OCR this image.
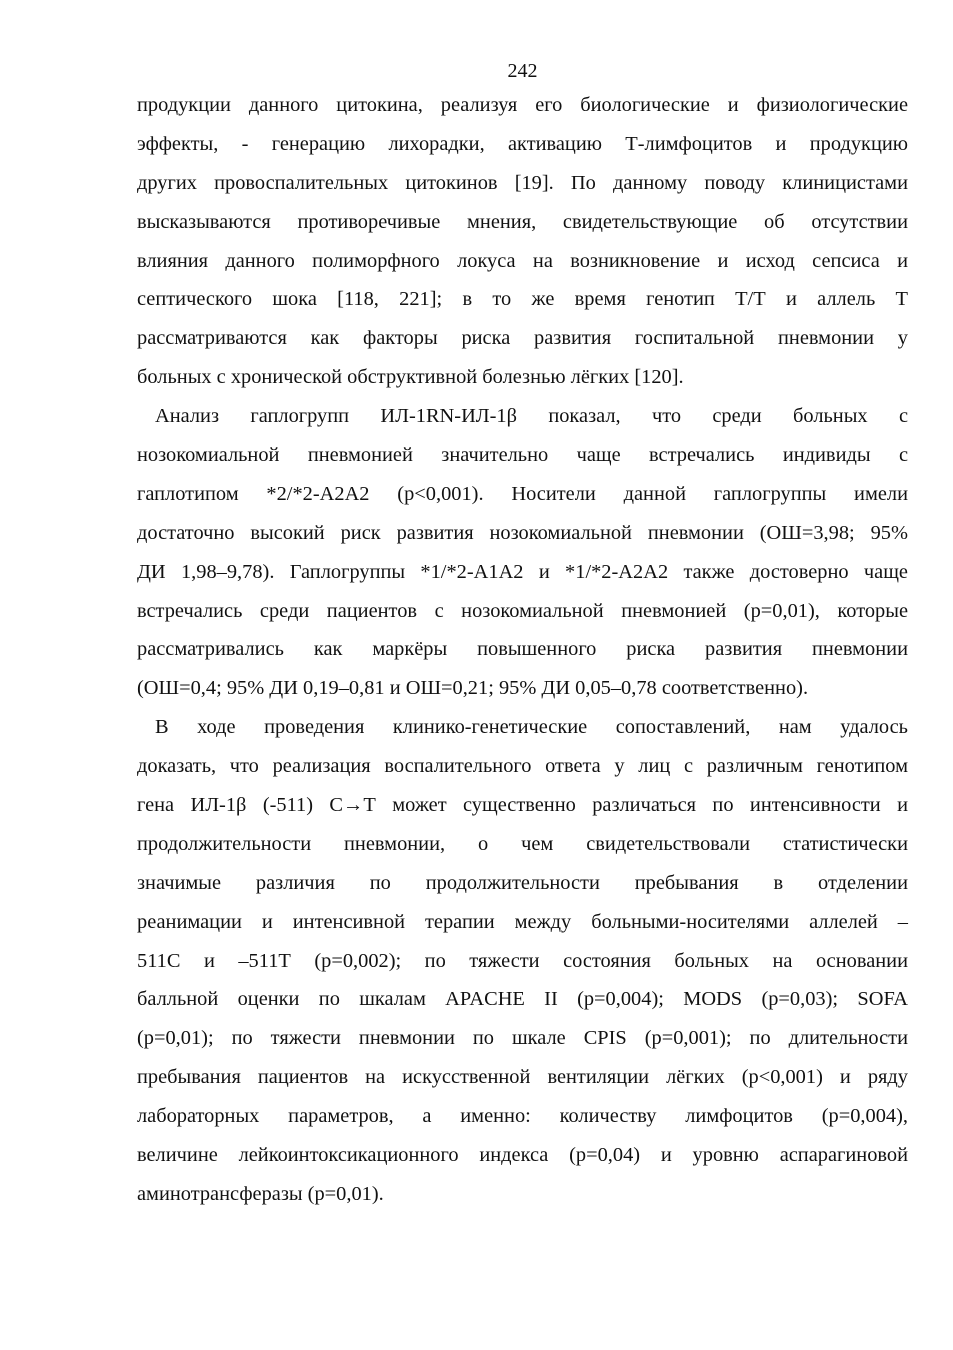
242

продукции данного цитокина, реализуя его биологические и физиологические
эффекты, - генерацию лихорадки, активацию Т-лимфоцитов и продукцию
других провоспалительных цитокинов [19]. По данному поводу клиницистами
высказываются противоречивые мнения, свидетельствующие об отсутствии
влияния данного полиморфного локуса на возникновение и исход сепсиса и
септического шока [118, 221]; в то же время генотип Т/Т и аллель Т
рассматриваются как факторы риска развития госпитальной пневмонии у
больных с хронической обструктивной болезнью лёгких [120].

Анализ гаплогрупп ИЛ-1RN-ИЛ-1β показал, что среди больных с
нозокомиальной пневмонией значительно чаще встречались индивиды с
гаплотипом *2/*2-А2А2 (p<0,001). Носители данной гаплогруппы имели
достаточно высокий риск развития нозокомиальной пневмонии (ОШ=3,98; 95%
ДИ 1,98–9,78). Гаплогруппы *1/*2-А1А2 и *1/*2-А2А2 также достоверно чаще
встречались среди пациентов с нозокомиальной пневмонией (p=0,01), которые
рассматривались как маркёры повышенного риска развития пневмонии
(ОШ=0,4; 95% ДИ 0,19–0,81 и ОШ=0,21; 95% ДИ 0,05–0,78 соответственно).

В ходе проведения клинико-генетические сопоставлений, нам удалось
доказать, что реализация воспалительного ответа у лиц с различным генотипом
гена ИЛ-1β (-511) С→Т может существенно различаться по интенсивности и
продолжительности пневмонии, о чем свидетельствовали статистически
значимые различия по продолжительности пребывания в отделении
реанимации и интенсивной терапии между больными-носителями аллелей –
511С и –511Т (p=0,002); по тяжести состояния больных на основании
балльной оценки по шкалам APACHE II (p=0,004); MODS (p=0,03); SOFA
(p=0,01); по тяжести пневмонии по шкале CPIS (p=0,001); по длительности
пребывания пациентов на искусственной вентиляции лёгких (p<0,001) и ряду
лабораторных параметров, а именно: количеству лимфоцитов (p=0,004),
величине лейкоинтоксикационного индекса (p=0,04) и уровню аспарагиновой
аминотрансферазы (p=0,01).
